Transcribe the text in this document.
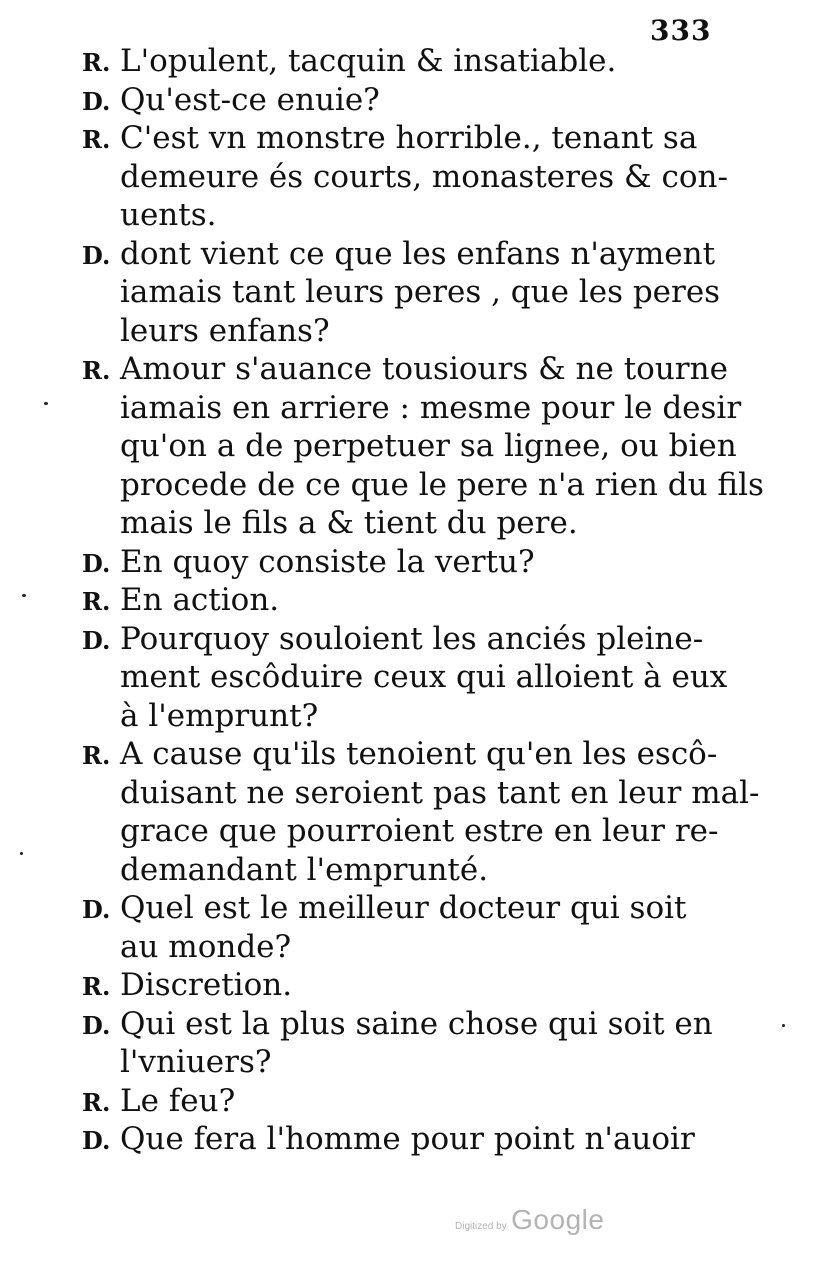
333
R. L'opulent, tacquin & insatiable.
D. Qu'est-ce enuie?
R. C'est vn monstre horrible., tenant sa
demeure és courts, monasteres & con-
uents.
D. dont vient ce que les enfans n'ayment
iamais tant leurs peres , que les peres
leurs enfans?
R. Amour s'auance tousiours & ne tourne
iamais en arriere : mesme pour le desir
qu'on a de perpetuer sa lignee, ou bien
procede de ce que le pere n'a rien du fils
mais le fils a & tient du pere.
D. En quoy consiste la vertu?
R. En action.
D. Pourquoy souloient les anciés pleine-
ment escôduire ceux qui alloient à eux
à l'emprunt?
R. A cause qu'ils tenoient qu'en les escô-
duisant ne seroient pas tant en leur mal-
grace que pourroient estre en leur re-
demandant l'emprunté.
D. Quel est le meilleur docteur qui soit
au monde?
R. Discretion.
D. Qui est la plus saine chose qui soit en
l'vniuers?
R. Le feu?
D. Que fera l'homme pour point n'auoir
Digitized by Google
